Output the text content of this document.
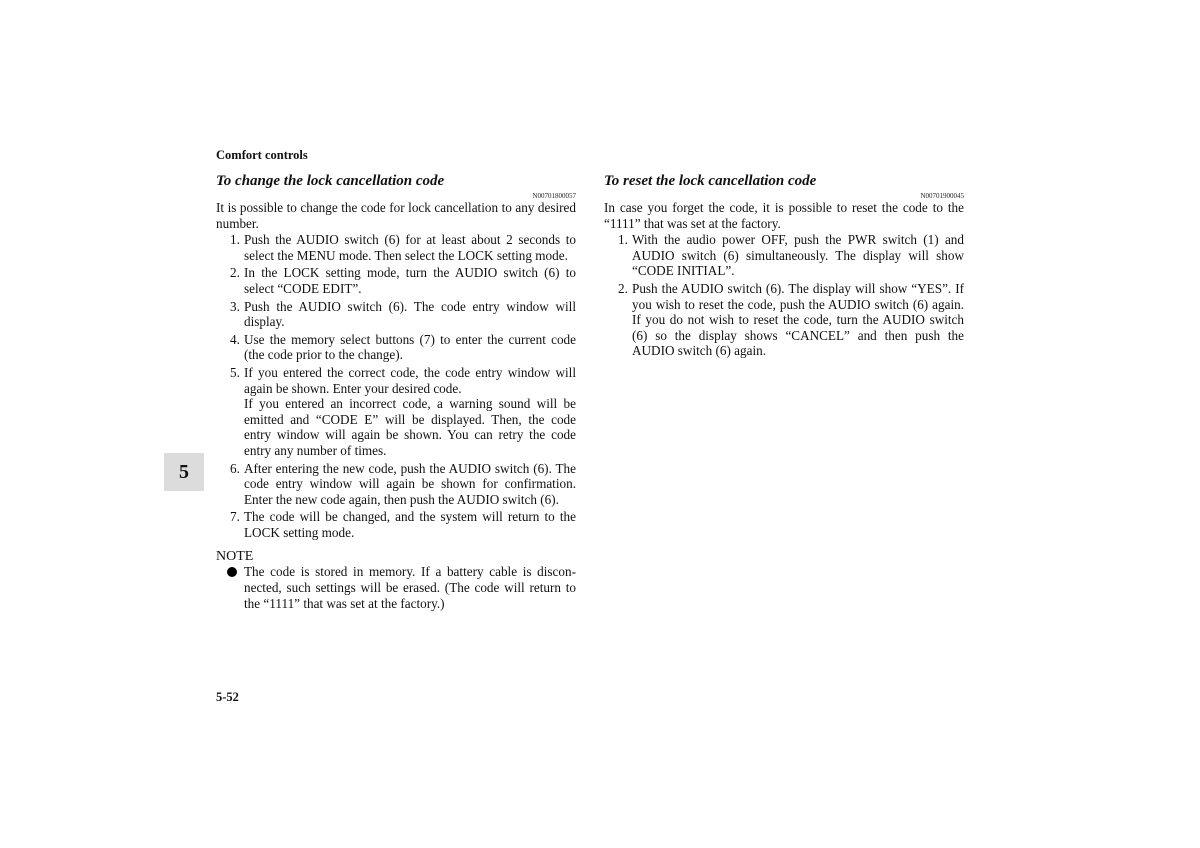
Comfort controls
To change the lock cancellation code
N00701800057

It is possible to change the code for lock cancellation to any desired number.

1. Push the AUDIO switch (6) for at least about 2 seconds to select the MENU mode. Then select the LOCK setting mode.
2. In the LOCK setting mode, turn the AUDIO switch (6) to select “CODE EDIT”.
3. Push the AUDIO switch (6). The code entry window will display.
4. Use the memory select buttons (7) to enter the current code (the code prior to the change).
5. If you entered the correct code, the code entry window will again be shown. Enter your desired code.
If you entered an incorrect code, a warning sound will be emitted and “CODE E” will be displayed. Then, the code entry window will again be shown. You can retry the code entry any number of times.
6. After entering the new code, push the AUDIO switch (6). The code entry window will again be shown for confirmation. Enter the new code again, then push the AUDIO switch (6).
7. The code will be changed, and the system will return to the LOCK setting mode.
NOTE
The code is stored in memory. If a battery cable is disconnected, such settings will be erased. (The code will return to the “1111” that was set at the factory.)
To reset the lock cancellation code
N00701900045

In case you forget the code, it is possible to reset the code to the “1111” that was set at the factory.

1. With the audio power OFF, push the PWR switch (1) and AUDIO switch (6) simultaneously. The display will show “CODE INITIAL”.
2. Push the AUDIO switch (6). The display will show “YES”. If you wish to reset the code, push the AUDIO switch (6) again. If you do not wish to reset the code, turn the AUDIO switch (6) so the display shows “CANCEL” and then push the AUDIO switch (6) again.
5
5-52
